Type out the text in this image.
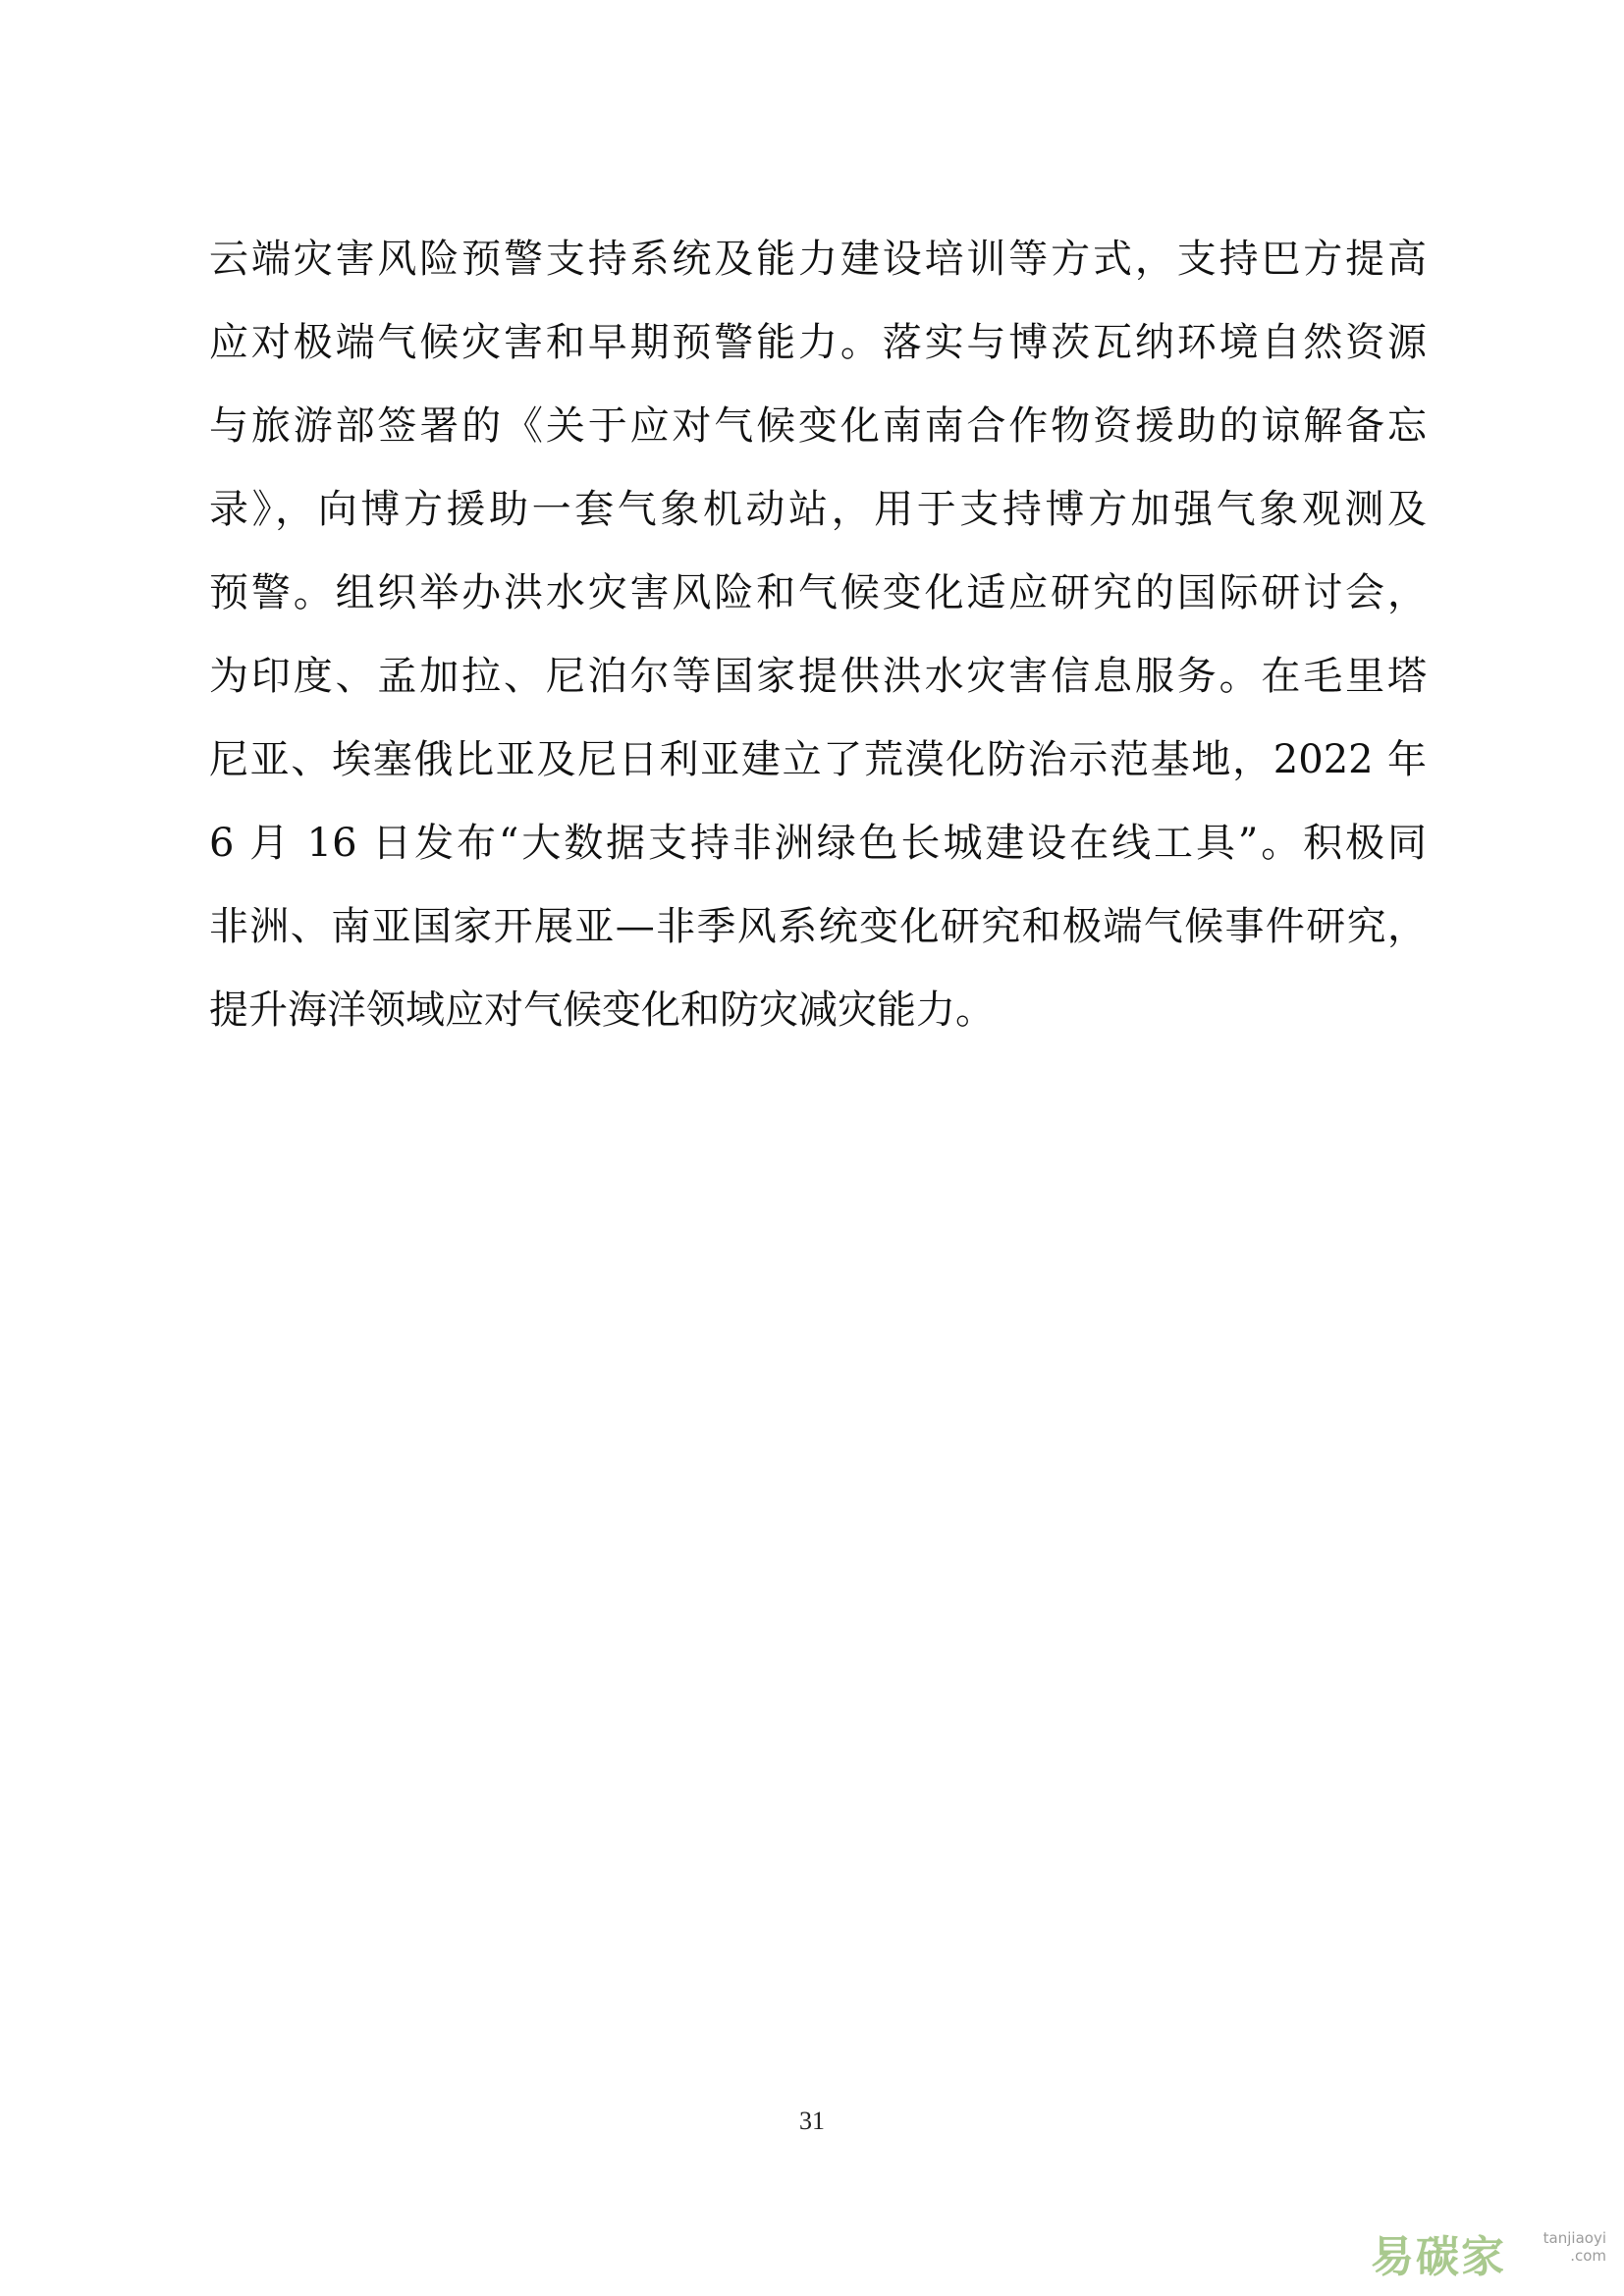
云端灾害风险预警支持系统及能力建设培训等方式，支持巴方提高
应对极端气候灾害和早期预警能力。落实与博茨瓦纳环境自然资源
与旅游部签署的《关于应对气候变化南南合作物资援助的谅解备忘
录》，向博方援助一套气象机动站，用于支持博方加强气象观测及
预警。组织举办洪水灾害风险和气候变化适应研究的国际研讨会，
为印度、孟加拉、尼泊尔等国家提供洪水灾害信息服务。在毛里塔
尼亚、埃塞俄比亚及尼日利亚建立了荒漠化防治示范基地，2022 年
6 月 16 日发布“大数据支持非洲绿色长城建设在线工具”。积极同
非洲、南亚国家开展亚—非季风系统变化研究和极端气候事件研究，
提升海洋领域应对气候变化和防灾减灾能力。
31
易碳家	tanjiaoyi
.com
